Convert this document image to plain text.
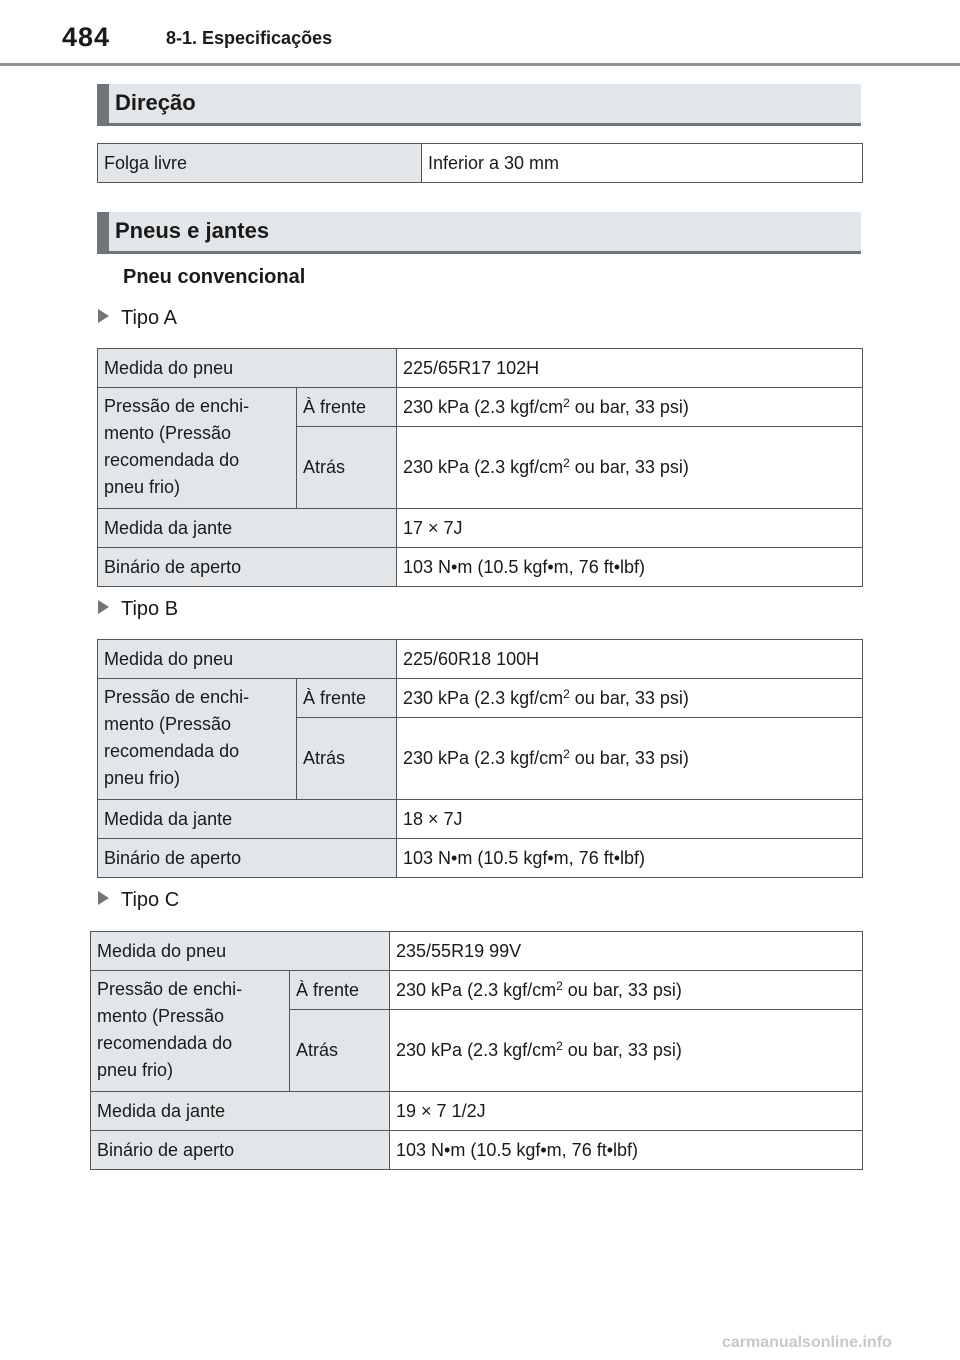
484	8-1. Especificações
Direção
Folga livre	Inferior a 30 mm
Pneus e jantes
Pneu convencional
Tipo A
Medida do pneu		225/65R17 102H

Pressão de enchi-
mento (Pressão
recomendada do
pneu frio)	À frente	230 kPa (2.3 kgf/$cm^2$ ou bar, 33 psi)
	Atrás	230 kPa (2.3 kgf/$cm^2$ ou bar, 33 psi)
Medida da jante		17 × 7J
Binário de aperto		103 N•m (10.5 kgf•m, 76 ft•lbf)
Tipo B
Medida do pneu		225/60R18 100H

Pressão de enchi-
mento (Pressão
recomendada do
pneu frio)	À frente	230 kPa (2.3 kgf/$cm^2$ ou bar, 33 psi)
	Atrás	230 kPa (2.3 kgf/$cm^2$ ou bar, 33 psi)
Medida da jante		18 × 7J
Binário de aperto		103 N•m (10.5 kgf•m, 76 ft•lbf)
Tipo C
Medida do pneu		235/55R19 99V

Pressão de enchi-
mento (Pressão
recomendada do
pneu frio)	À frente	230 kPa (2.3 kgf/$cm^2$ ou bar, 33 psi)
	Atrás	230 kPa (2.3 kgf/$cm^2$ ou bar, 33 psi)
Medida da jante		19 × 7 1/2J
Binário de aperto		103 N•m (10.5 kgf•m, 76 ft•lbf)
carmanualsonline.info
